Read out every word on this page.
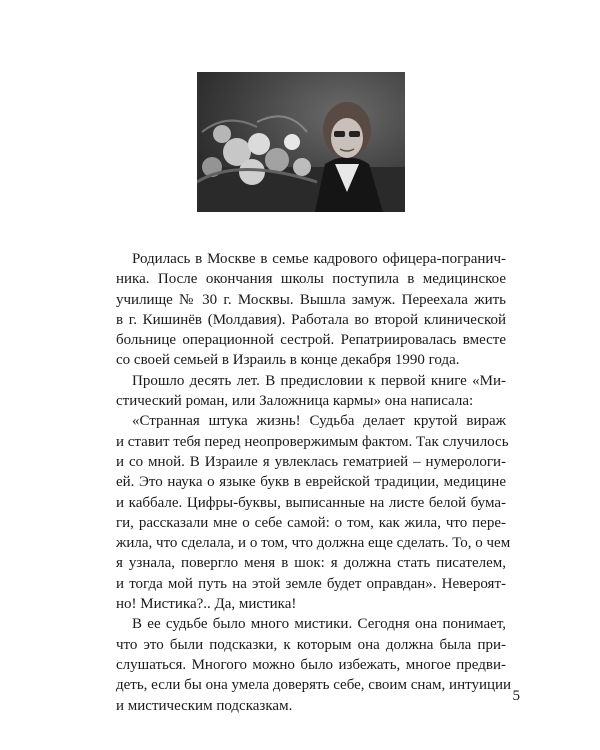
Родилась в Москве в семье кадрового офицера-погранич-
ника. После окончания школы поступила в медицинское
училище № 30 г. Москвы. Вышла замуж. Переехала жить
в г. Кишинёв (Молдавия). Работала во второй клинической
больнице операционной сестрой. Репатриировалась вместе
со своей семьей в Израиль в конце декабря 1990 года.
Прошло десять лет. В предисловии к первой книге «Ми-
стический роман, или Заложница кармы» она написала:
«Странная штука жизнь! Судьба делает крутой вираж
и ставит тебя перед неопровержимым фактом. Так случилось
и со мной. В Израиле я увлеклась гематрией – нумерологи-
ей. Это наука о языке букв в еврейской традиции, медицине
и каббале. Цифры-буквы, выписанные на листе белой бума-
ги, рассказали мне о себе самой: о том, как жила, что пере-
жила, что сделала, и о том, что должна еще сделать. То, о чем
я узнала, повергло меня в шок: я должна стать писателем,
и тогда мой путь на этой земле будет оправдан». Невероят-
но! Мистика?.. Да, мистика!
В ее судьбе было много мистики. Сегодня она понимает,
что это были подсказки, к которым она должна была при-
слушаться. Многого можно было избежать, многое предви-
деть, если бы она умела доверять себе, своим снам, интуиции
и мистическим подсказкам.
5
